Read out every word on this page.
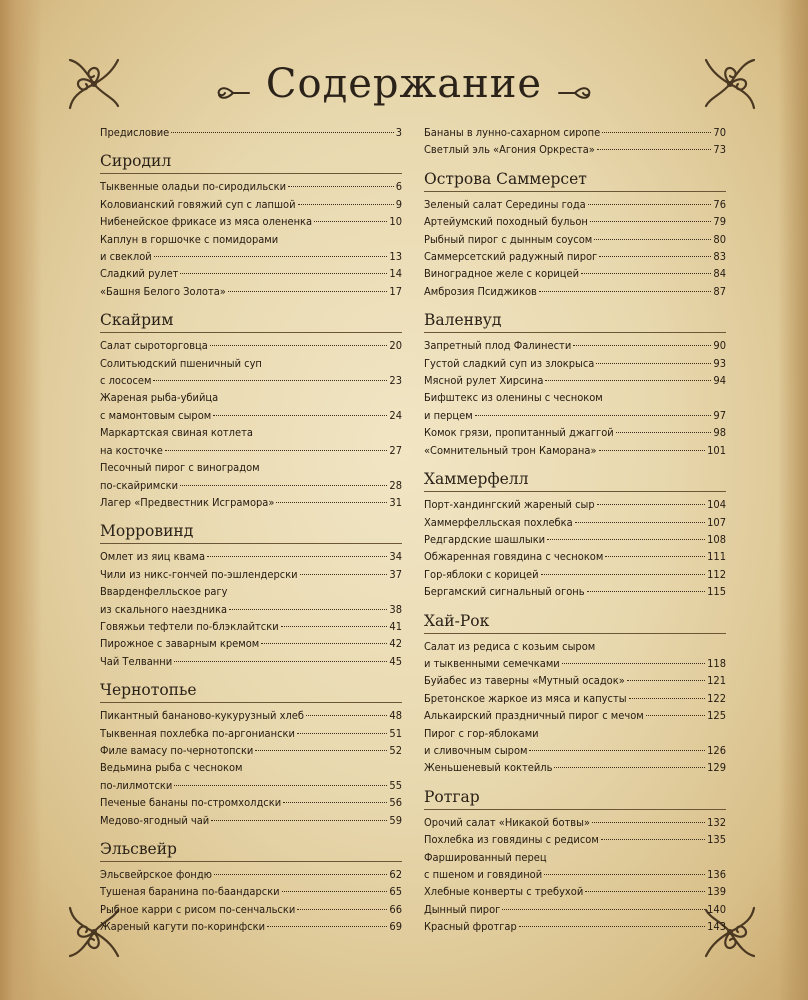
Содержание
Предисловие	3
Сиродил
Тыквенные оладьи по-сиродильски	6
Коловианский говяжий суп с лапшой	9
Нибенейское фрикасе из мяса олененка	10
Каплун в горшочке с помидорами
и свеклой	13
Сладкий рулет	14
«Башня Белого Золота»	17
Скайрим
Салат сыроторговца	20
Солитьюдский пшеничный суп
с лососем	23
Жареная рыба-убийца
с мамонтовым сыром	24
Маркартская свиная котлета
на косточке	27
Песочный пирог с виноградом
по-скайримски	28
Лагер «Предвестник Исграмора»	31
Морровинд
Омлет из яиц квама	34
Чили из никс-гончей по-эшлендерски	37
Вварденфелльское рагу
из скального наездника	38
Говяжьи тефтели по-блэклайтски	41
Пирожное с заварным кремом	42
Чай Телванни	45
Чернотопье
Пикантный бананово-кукурузный хлеб	48
Тыквенная похлебка по-аргониански	51
Филе вамасу по-чернотопски	52
Ведьмина рыба с чесноком
по-лилмотски	55
Печеные бананы по-стромхолдски	56
Медово-ягодный чай	59
Эльсвейр
Эльсвейрское фондю	62
Тушеная баранина по-баандарски	65
Рыбное карри с рисом по-сенчальски	66
Жареный кагути по-коринфски	69
Бананы в лунно-сахарном сиропе	70
Светлый эль «Агония Оркреста»	73
Острова Саммерсет
Зеленый салат Середины года	76
Артейумский походный бульон	79
Рыбный пирог с дынным соусом	80
Саммерсетский радужный пирог	83
Виноградное желе с корицей	84
Амброзия Псиджиков	87
Валенвуд
Запретный плод Фалинести	90
Густой сладкий суп из злокрыса	93
Мясной рулет Хирсина	94
Бифштекс из оленины с чесноком
и перцем	97
Комок грязи, пропитанный джаггой	98
«Сомнительный трон Каморана»	101
Хаммерфелл
Порт-хандингский жареный сыр	104
Хаммерфелльская похлебка	107
Редгардские шашлыки	108
Обжаренная говядина с чесноком	111
Гор-яблоки с корицей	112
Бергамский сигнальный огонь	115
Хай-Рок
Салат из редиса с козьим сыром
и тыквенными семечками	118
Буйабес из таверны «Мутный осадок»	121
Бретонское жаркое из мяса и капусты	122
Алькаирский праздничный пирог с мечом	125
Пирог с гор-яблоками
и сливочным сыром	126
Женьшеневый коктейль	129
Ротгар
Орочий салат «Никакой ботвы»	132
Похлебка из говядины с редисом	135
Фаршированный перец
с пшеном и говядиной	136
Хлебные конверты с требухой	139
Дынный пирог	140
Красный фротгар	143
